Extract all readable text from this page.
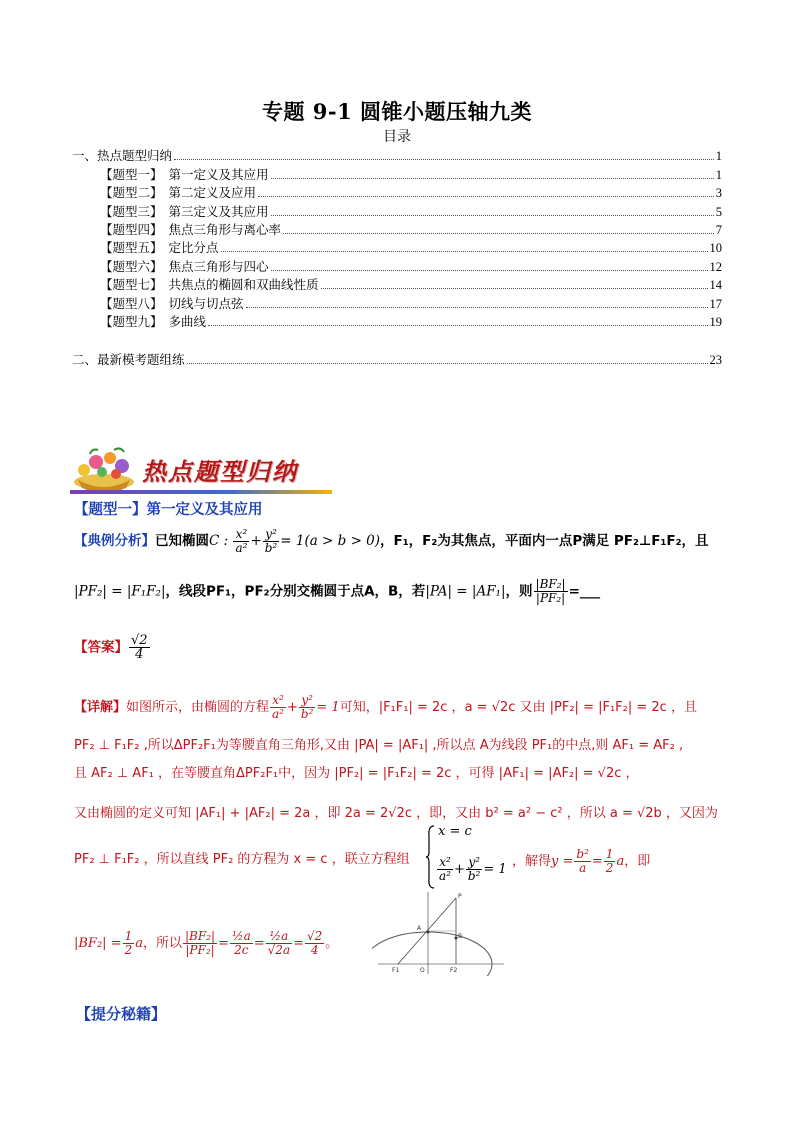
专题 9-1 圆锥小题压轴九类
目录
一、热点题型归纳	1
【题型一】 第一定义及其应用	1
【题型二】 第二定义及应用	3
【题型三】 第三定义及其应用	5
【题型四】 焦点三角形与离心率	7
【题型五】 定比分点	10
【题型六】 焦点三角形与四心	12
【题型七】 共焦点的椭圆和双曲线性质	14
【题型八】 切线与切点弦	17
【题型九】 多曲线	19
二、最新模考题组练	23
热点题型归纳
【题型一】第一定义及其应用
【典例分析】已知椭圆C : $\frac{\text{x²}}{\text{a²}} + \frac{\text{y²}}{\text{b²}} = 1(a > b > 0)$，F₁，F₂为其焦点，平面内一点P满足 PF₂⊥F₁F₂，且
|PF₂| = |F₁F₂|，线段PF₁，PF₂分别交椭圆于点A，B，若|PA| = |AF₁|，则 $\frac{\text{|BF₂|}}{\text{|PF₂|}}$ =___
【答案】 $\frac{√2}{4}$
【详解】如图所示，由椭圆的方程 $\frac{\text{x²}}{\text{a²}} + \frac{\text{y²}}{\text{b²}} = 1$可知，|F₁F₁| = 2c ，a = √2c 又由 |PF₂| = |F₁F₂| = 2c ，且
PF₂ ⊥ F₁F₂ ,所以ΔPF₂F₁为等腰直角三角形,又由 |PA| = |AF₁| ,所以点 A为线段 PF₁的中点,则 AF₁ = AF₂ ,
且 AF₂ ⊥ AF₁ ，在等腰直角ΔPF₂F₁中，因为 |PF₂| = |F₁F₂| = 2c ，可得 |AF₁| = |AF₂| = √2c ，
又由椭圆的定义可知 |AF₁| + |AF₂| = 2a ，即 2a = 2√2c ，即，又由 b² = a² − c² ，所以 a = √2b ，又因为
PF₂ ⊥ F₁F₂ ，所以直线 PF₂ 的方程为 x = c ，联立方程组
x = c
$\frac{\text{x²}}{\text{a²}} + \frac{\text{y²}}{\text{b²}} = 1$
，解得$y = \frac{\text{b²}}{a} = \frac{1}{2}$ a，即
$|BF_2| = \frac{1}{2}$ a，所以 $\frac{\text{|BF₂|}}{\text{|PF₂|}} = \frac{\text{½a}}{2c} = \frac{\text{½a}}{√2a} = \frac{√2}{4}$ 。
F1	O	F2
A
B
P
【提分秘籍】
